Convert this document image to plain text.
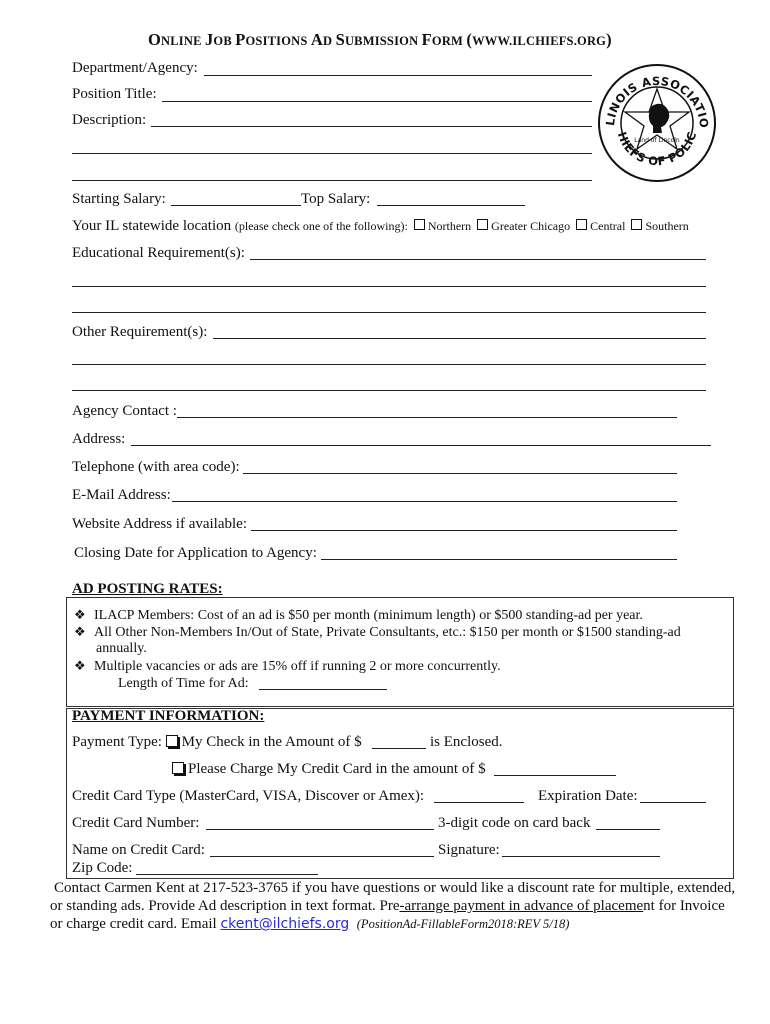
ONLINE JOB POSITIONS AD SUBMISSION FORM (WWW.ILCHIEFS.ORG)
LINOIS ASSOCIATIO
HIEFS OF POLIC
Land of Lincoln
Department/Agency:
Position Title:
Description:
Starting Salary:	Top Salary:
Your IL statewide location (please check one of the following): Northern Greater Chicago Central Southern
Educational Requirement(s):
Other Requirement(s):
Agency Contact :
Address:
Telephone (with area code):
E-Mail Address:
Website Address if available:
Closing Date for Application to Agency:
AD POSTING RATES:
❖ ILACP Members: Cost of an ad is $50 per month (minimum length) or $500 standing-ad per year.
❖ All Other Non-Members In/Out of State, Private Consultants, etc.: $150 per month or $1500 standing-ad
annually.
❖ Multiple vacancies or ads are 15% off if running 2 or more concurrently.
Length of Time for Ad:
PAYMENT INFORMATION:
Payment Type: My Check in the Amount of $	is Enclosed.
Please Charge My Credit Card in the amount of $
Credit Card Type (MasterCard, VISA, Discover or Amex):	Expiration Date:
Credit Card Number:	3-digit code on card back
Name on Credit Card:	Signature:
Zip Code:
Contact Carmen Kent at 217-523-3765 if you have questions or would like a discount rate for multiple, extended,
or standing ads. Provide Ad description in text format. Pre-arrange payment in advance of placement for Invoice
or charge credit card. Email ckent@ilchiefs.org (PositionAd-FillableForm2018:REV 5/18)
